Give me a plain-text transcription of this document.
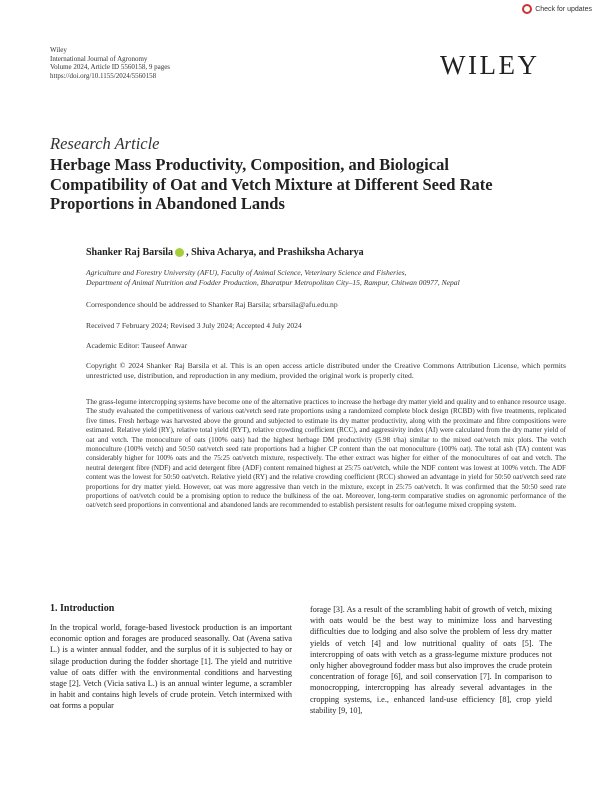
Check for updates
Wiley
International Journal of Agronomy
Volume 2024, Article ID 5560158, 9 pages
https://doi.org/10.1155/2024/5560158	WILEY
Research Article
Herbage Mass Productivity, Composition, and Biological Compatibility of Oat and Vetch Mixture at Different Seed Rate Proportions in Abandoned Lands
Shanker Raj Barsila , Shiva Acharya, and Prashiksha Acharya
Agriculture and Forestry University (AFU), Faculty of Animal Science, Veterinary Science and Fisheries,
Department of Animal Nutrition and Fodder Production, Bharatpur Metropolitan City–15, Rampur, Chitwan 00977, Nepal
Correspondence should be addressed to Shanker Raj Barsila; srbarsila@afu.edu.np
Received 7 February 2024; Revised 3 July 2024; Accepted 4 July 2024
Academic Editor: Tauseef Anwar
Copyright © 2024 Shanker Raj Barsila et al. This is an open access article distributed under the Creative Commons Attribution License, which permits unrestricted use, distribution, and reproduction in any medium, provided the original work is properly cited.
The grass-legume intercropping systems have become one of the alternative practices to increase the herbage dry matter yield and quality and to enhance resource usage. The study evaluated the competitiveness of various oat/vetch seed rate proportions using a randomized complete block design (RCBD) with five treatments, replicated five times. Fresh herbage was harvested above the ground and subjected to estimate its dry matter productivity, along with the proximate and fibre compositions were estimated. Relative yield (RY), relative total yield (RYT), relative crowding coefficient (RCC), and aggressivity index (AI) were calculated from the dry matter yield of oat and vetch. The monoculture of oats (100% oats) had the highest herbage DM productivity (5.98 t/ha) similar to the mixed oat/vetch mix plots. The vetch monoculture (100% vetch) and 50:50 oat/vetch seed rate proportions had a higher CP content than the oat monoculture (100% oat). The total ash (TA) content was considerably higher for 100% oats and the 75:25 oat/vetch mixture, respectively. The ether extract was higher for either of the monocultures of oat and vetch. The neutral detergent fibre (NDF) and acid detergent fibre (ADF) content remained highest at 25:75 oat/vetch, while the NDF content was lowest at 100% vetch. The ADF content was the lowest for 50:50 oat/vetch. Relative yield (RY) and the relative crowding coefficient (RCC) showed an advantage in yield for 50:50 oat/vetch seed rate proportions for dry matter yield. However, oat was more aggressive than vetch in the mixture, except in 25:75 oat/vetch. It was confirmed that the 50:50 seed rate proportions of oat/vetch could be a promising option to reduce the bulkiness of the oat. Moreover, long-term comparative studies on agronomic performance of the oat/vetch seed proportions in conventional and abandoned lands are recommended to establish persistent results for oat/legume mixed cropping system.
1. Introduction

In the tropical world, forage-based livestock production is an important economic option and forages are produced seasonally. Oat (Avena sativa L.) is a winter annual fodder, and the surplus of it is subjected to hay or silage production during the fodder shortage [1]. The yield and nutritive value of oats differ with the environmental conditions and harvesting stage [2]. Vetch (Vicia sativa L.) is an annual winter legume, a scrambler in habit and contains high levels of crude protein. Vetch intermixed with oat forms a popular

forage [3]. As a result of the scrambling habit of growth of vetch, mixing with oats would be the best way to minimize loss and harvesting difficulties due to lodging and also solve the problem of less dry matter yields of vetch [4] and low nutritional quality of oats [5]. The intercropping of oats with vetch as a grass-legume mixture produces not only higher aboveground fodder mass but also improves the crude protein concentration of forage [6], and soil conservation [7]. In comparison to monocropping, intercropping has already several advantages in the cropping systems, i.e., enhanced land-use efficiency [8], crop yield stability [9, 10],
